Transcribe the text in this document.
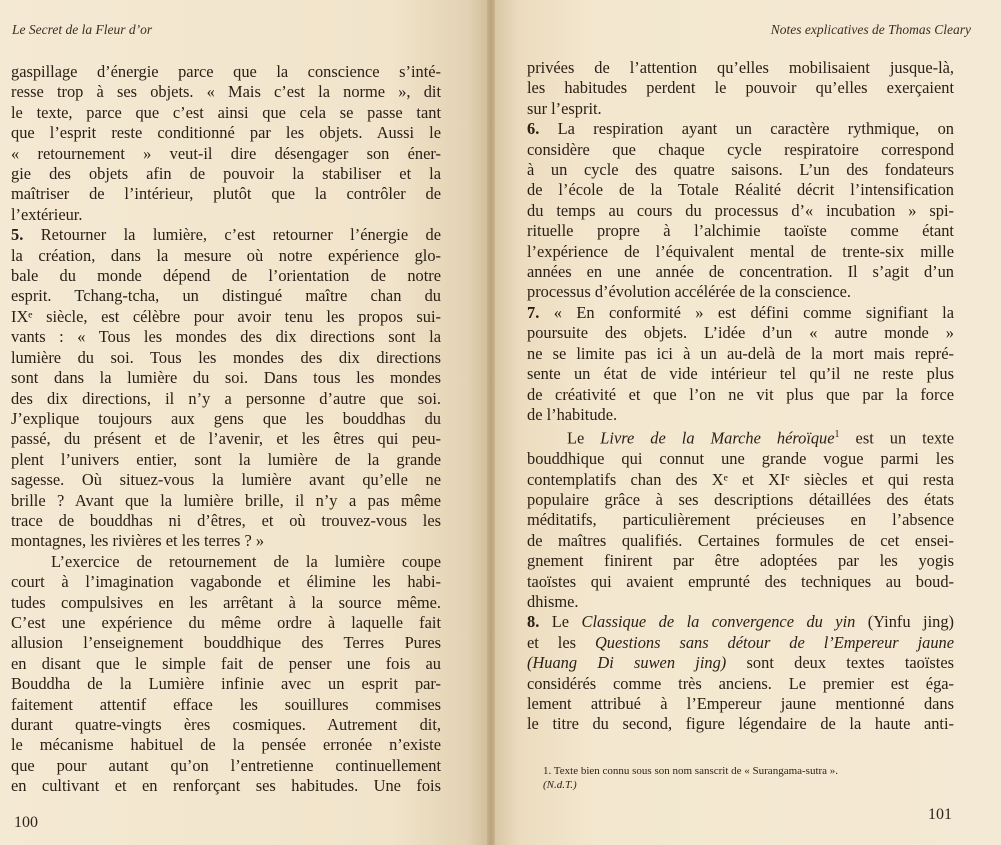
Le Secret de la Fleur d’or
gaspillage d’énergie parce que la conscience s’inté-
resse trop à ses objets. « Mais c’est la norme », dit
le texte, parce que c’est ainsi que cela se passe tant
que l’esprit reste conditionné par les objets. Aussi le
« retournement » veut-il dire désengager son éner-
gie des objets afin de pouvoir la stabiliser et la
maîtriser de l’intérieur, plutôt que la contrôler de
l’extérieur.
5. Retourner la lumière, c’est retourner l’énergie de
la création, dans la mesure où notre expérience glo-
bale du monde dépend de l’orientation de notre
esprit. Tchang-tcha, un distingué maître chan du
IXᵉ siècle, est célèbre pour avoir tenu les propos sui-
vants : « Tous les mondes des dix directions sont la
lumière du soi. Tous les mondes des dix directions
sont dans la lumière du soi. Dans tous les mondes
des dix directions, il n’y a personne d’autre que soi.
J’explique toujours aux gens que les bouddhas du
passé, du présent et de l’avenir, et les êtres qui peu-
plent l’univers entier, sont la lumière de la grande
sagesse. Où situez-vous la lumière avant qu’elle ne
brille ? Avant que la lumière brille, il n’y a pas même
trace de bouddhas ni d’êtres, et où trouvez-vous les
montagnes, les rivières et les terres ? »
L’exercice de retournement de la lumière coupe
court à l’imagination vagabonde et élimine les habi-
tudes compulsives en les arrêtant à la source même.
C’est une expérience du même ordre à laquelle fait
allusion l’enseignement bouddhique des Terres Pures
en disant que le simple fait de penser une fois au
Bouddha de la Lumière infinie avec un esprit par-
faitement attentif efface les souillures commises
durant quatre-vingts ères cosmiques. Autrement dit,
le mécanisme habituel de la pensée erronée n’existe
que pour autant qu’on l’entretienne continuellement
en cultivant et en renforçant ses habitudes. Une fois
100
Notes explicatives de Thomas Cleary
privées de l’attention qu’elles mobilisaient jusque-là,
les habitudes perdent le pouvoir qu’elles exerçaient
sur l’esprit.
6. La respiration ayant un caractère rythmique, on
considère que chaque cycle respiratoire correspond
à un cycle des quatre saisons. L’un des fondateurs
de l’école de la Totale Réalité décrit l’intensification
du temps au cours du processus d’« incubation » spi-
rituelle propre à l’alchimie taoïste comme étant
l’expérience de l’équivalent mental de trente-six mille
années en une année de concentration. Il s’agit d’un
processus d’évolution accélérée de la conscience.
7. « En conformité » est défini comme signifiant la
poursuite des objets. L’idée d’un « autre monde »
ne se limite pas ici à un au-delà de la mort mais repré-
sente un état de vide intérieur tel qu’il ne reste plus
de créativité et que l’on ne vit plus que par la force
de l’habitude.
Le Livre de la Marche héroïque$^1$ est un texte
bouddhique qui connut une grande vogue parmi les
contemplatifs chan des Xᵉ et XIᵉ siècles et qui resta
populaire grâce à ses descriptions détaillées des états
méditatifs, particulièrement précieuses en l’absence
de maîtres qualifiés. Certaines formules de cet ensei-
gnement finirent par être adoptées par les yogis
taoïstes qui avaient emprunté des techniques au boud-
dhisme.
8. Le Classique de la convergence du yin (Yinfu jing)
et les Questions sans détour de l’Empereur jaune
(Huang Di suwen jing) sont deux textes taoïstes
considérés comme très anciens. Le premier est éga-
lement attribué à l’Empereur jaune mentionné dans
le titre du second, figure légendaire de la haute anti-
1. Texte bien connu sous son nom sanscrit de « Surangama-sutra ».
(N.d.T.)
101
